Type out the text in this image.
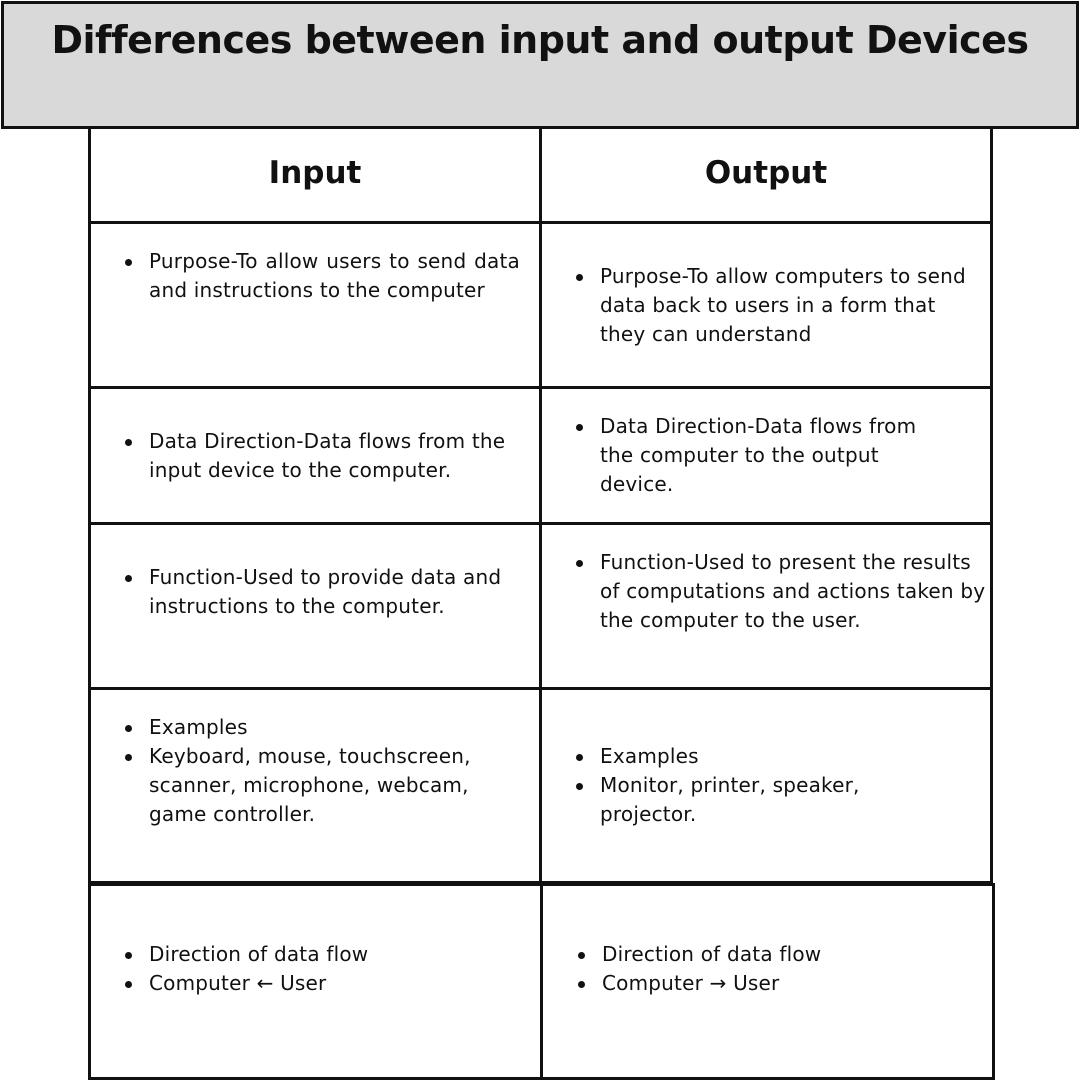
Differences between input and output Devices
Input	Output
Purpose-To allow users to send data and instructions to the computer
Purpose-To allow computers to send data back to users in a form that they can understand
Data Direction-Data flows from the input device to the computer.
Data Direction-Data flows from the computer to the output device.
Function-Used to provide data and instructions to the computer.
Function-Used to present the results of computations and actions taken by the computer to the user.
Examples
Keyboard, mouse, touchscreen, scanner, microphone, webcam, game controller.
Examples
Monitor, printer, speaker, projector.
Direction of data flow
Computer ← User
Direction of data flow
Computer → User
